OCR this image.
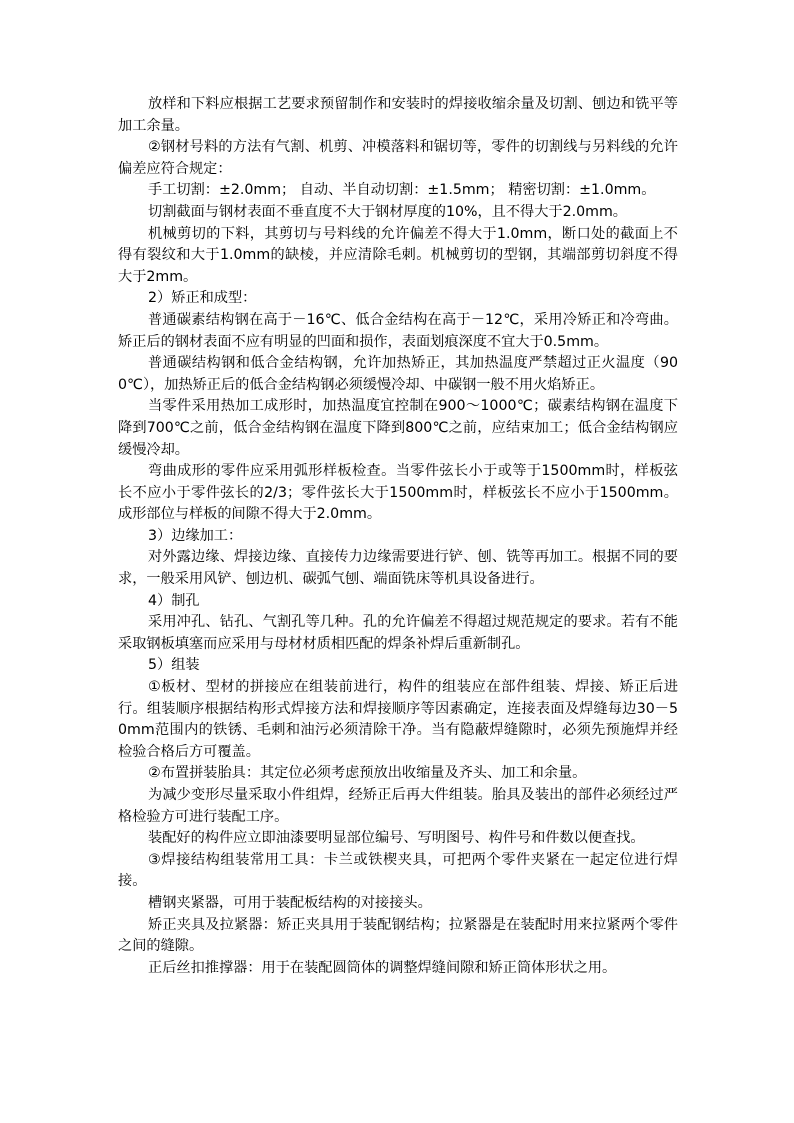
放样和下料应根据工艺要求预留制作和安装时的焊接收缩余量及切割、刨边和铣平等加工余量。

②钢材号料的方法有气割、机剪、冲模落料和锯切等，零件的切割线与另料线的允许偏差应符合规定：

手工切割：±2.0mm； 自动、半自动切割：±1.5mm； 精密切割：±1.0mm。

切割截面与钢材表面不垂直度不大于钢材厚度的10%，且不得大于2.0mm。

机械剪切的下料，其剪切与号料线的允许偏差不得大于1.0mm，断口处的截面上不得有裂纹和大于1.0mm的缺棱，并应清除毛刺。机械剪切的型钢，其端部剪切斜度不得大于2mm。

2）矫正和成型：

普通碳素结构钢在高于－16℃、低合金结构在高于－12℃，采用冷矫正和冷弯曲。矫正后的钢材表面不应有明显的凹面和损作，表面划痕深度不宜大于0.5mm。

普通碳结构钢和低合金结构钢，允许加热矫正，其加热温度严禁超过正火温度（900℃），加热矫正后的低合金结构钢必须缓慢冷却、中碳钢一般不用火焰矫正。

当零件采用热加工成形时，加热温度宜控制在900～1000℃；碳素结构钢在温度下降到700℃之前，低合金结构钢在温度下降到800℃之前，应结束加工；低合金结构钢应缓慢冷却。

弯曲成形的零件应采用弧形样板检查。当零件弦长小于或等于1500mm时，样板弦长不应小于零件弦长的2/3；零件弦长大于1500mm时，样板弦长不应小于1500mm。成形部位与样板的间隙不得大于2.0mm。

3）边缘加工：

对外露边缘、焊接边缘、直接传力边缘需要进行铲、刨、铣等再加工。根据不同的要求，一般采用风铲、刨边机、碳弧气刨、端面铣床等机具设备进行。

4）制孔

采用冲孔、钻孔、气割孔等几种。孔的允许偏差不得超过规范规定的要求。若有不能采取钢板填塞而应采用与母材材质相匹配的焊条补焊后重新制孔。

5）组装

①板材、型材的拼接应在组装前进行，构件的组装应在部件组装、焊接、矫正后进行。组装顺序根据结构形式焊接方法和焊接顺序等因素确定，连接表面及焊缝每边30－50mm范围内的铁锈、毛刺和油污必须清除干净。当有隐蔽焊缝隙时，必须先预施焊并经检验合格后方可覆盖。

②布置拼装胎具：其定位必须考虑预放出收缩量及齐头、加工和余量。

为减少变形尽量采取小件组焊，经矫正后再大件组装。胎具及装出的部件必须经过严格检验方可进行装配工序。

装配好的构件应立即油漆要明显部位编号、写明图号、构件号和件数以便查找。

③焊接结构组装常用工具：卡兰或铁楔夹具，可把两个零件夹紧在一起定位进行焊接。

槽钢夹紧器，可用于装配板结构的对接接头。

矫正夹具及拉紧器：矫正夹具用于装配钢结构；拉紧器是在装配时用来拉紧两个零件之间的缝隙。

正后丝扣推撑器：用于在装配圆筒体的调整焊缝间隙和矫正筒体形状之用。
